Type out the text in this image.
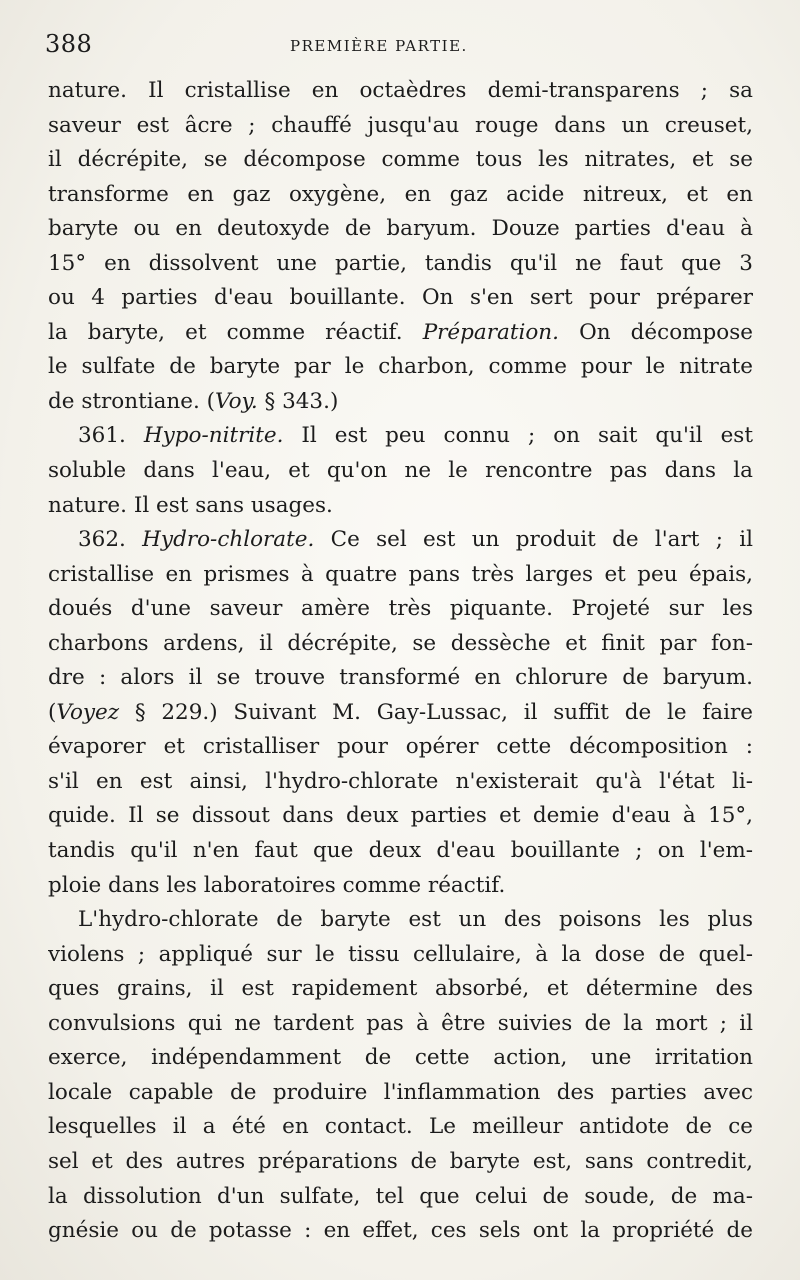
388	PREMIÈRE PARTIE.
nature. Il cristallise en octaèdres demi-transparens ; sa
saveur est âcre ; chauffé jusqu'au rouge dans un creuset,
il décrépite, se décompose comme tous les nitrates, et se
transforme en gaz oxygène, en gaz acide nitreux, et en
baryte ou en deutoxyde de baryum. Douze parties d'eau à
15° en dissolvent une partie, tandis qu'il ne faut que 3
ou 4 parties d'eau bouillante. On s'en sert pour préparer
la baryte, et comme réactif. Préparation. On décompose
le sulfate de baryte par le charbon, comme pour le nitrate
de strontiane. (Voy. § 343.)
361. Hypo-nitrite. Il est peu connu ; on sait qu'il est
soluble dans l'eau, et qu'on ne le rencontre pas dans la
nature. Il est sans usages.
362. Hydro-chlorate. Ce sel est un produit de l'art ; il
cristallise en prismes à quatre pans très larges et peu épais,
doués d'une saveur amère très piquante. Projeté sur les
charbons ardens, il décrépite, se dessèche et finit par fon-
dre : alors il se trouve transformé en chlorure de baryum.
(Voyez § 229.) Suivant M. Gay-Lussac, il suffit de le faire
évaporer et cristalliser pour opérer cette décomposition :
s'il en est ainsi, l'hydro-chlorate n'existerait qu'à l'état li-
quide. Il se dissout dans deux parties et demie d'eau à 15°,
tandis qu'il n'en faut que deux d'eau bouillante ; on l'em-
ploie dans les laboratoires comme réactif.
L'hydro-chlorate de baryte est un des poisons les plus
violens ; appliqué sur le tissu cellulaire, à la dose de quel-
ques grains, il est rapidement absorbé, et détermine des
convulsions qui ne tardent pas à être suivies de la mort ; il
exerce, indépendamment de cette action, une irritation
locale capable de produire l'inflammation des parties avec
lesquelles il a été en contact. Le meilleur antidote de ce
sel et des autres préparations de baryte est, sans contredit,
la dissolution d'un sulfate, tel que celui de soude, de ma-
gnésie ou de potasse : en effet, ces sels ont la propriété de
